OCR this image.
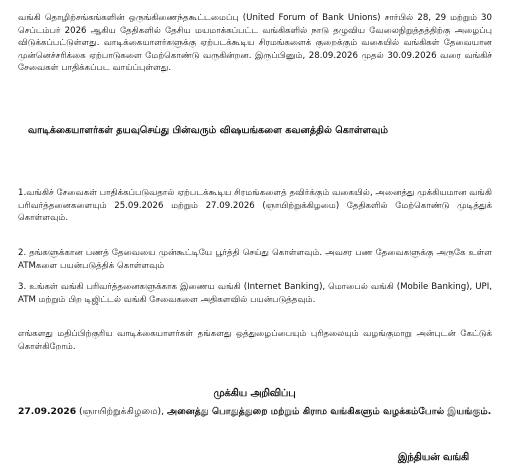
வங்கி தொழிற்சங்கங்களின் ஒருங்கிணைந்தகூட்டமைப்பு (United Forum of Bank Unions) சார்பில் 28, 29 மற்றும் 30 செப்டம்பர் 2026 ஆகிய தேதிகளில் தேசிய மயமாக்கப்பட்ட வங்கிகளில் நாடு தழுவிய வேலைநிறுத்தத்திற்கு அழைப்பு விடுக்கப்பட்டுள்ளது. வாடிக்கையாளர்களுக்கு ஏற்படக்கூடிய சிரமங்களைக் குறைக்கும் வகையில் வங்கிகள் தேவையான முன்னெச்சரிக்கை ஏற்பாடுகளை மேற்கொண்டு வருகின்றன. இருப்பினும், 28.09.2026 முதல் 30.09.2026 வரை வங்கிச் சேவைகள் பாதிக்கப்பட வாய்ப்புள்ளது.

வாடிக்கையாளர்கள் தயவுசெய்து பின்வரும் விஷயங்களை கவனத்தில் கொள்ளவும்

1.வங்கிச் சேவைகள் பாதிக்கப்படுவதால் ஏற்படக்கூடிய சிரமங்களைத் தவிர்க்கும் வகையில், அனைத்து முக்கியமான வங்கி பரிவர்த்தனைகளையும் 25.09.2026 மற்றும் 27.09.2026 (ஞாயிற்றுக்கிழமை) தேதிகளில் மேற்கொண்டு முடித்துக் கொள்ளவும்.

2. தங்களுக்கான பணத் தேவையை முன்கூட்டியே பூர்த்தி செய்து கொள்ளவும். அவசர பண தேவைகளுக்கு அருகே உள்ள ATMகளை பயன்படுத்திக் கொள்ளவும்

3. உங்கள் வங்கி பரிவர்த்தனைகளுக்காக இணைய வங்கி (Internet Banking), மொபைல் வங்கி (Mobile Banking), UPI, ATM மற்றும் பிற டிஜிட்டல் வங்கி சேவைகளை அதிகளவில் பயன்படுத்தவும்.

எங்களது மதிப்பிற்குரிய வாடிக்கையாளர்கள் தங்களது ஒத்துழைப்பையும் புரிதலையும் வழங்குமாறு அன்புடன் கேட்டுக் கொள்கிறோம்.

முக்கிய அறிவிப்பு
27.09.2026 (ஞாயிற்றுக்கிழமை), அனைத்து பொதுத்துறை மற்றும் கிராம வங்கிகளும் வழக்கம்போல் இயங்கும்.
இந்தியன் வங்கி
